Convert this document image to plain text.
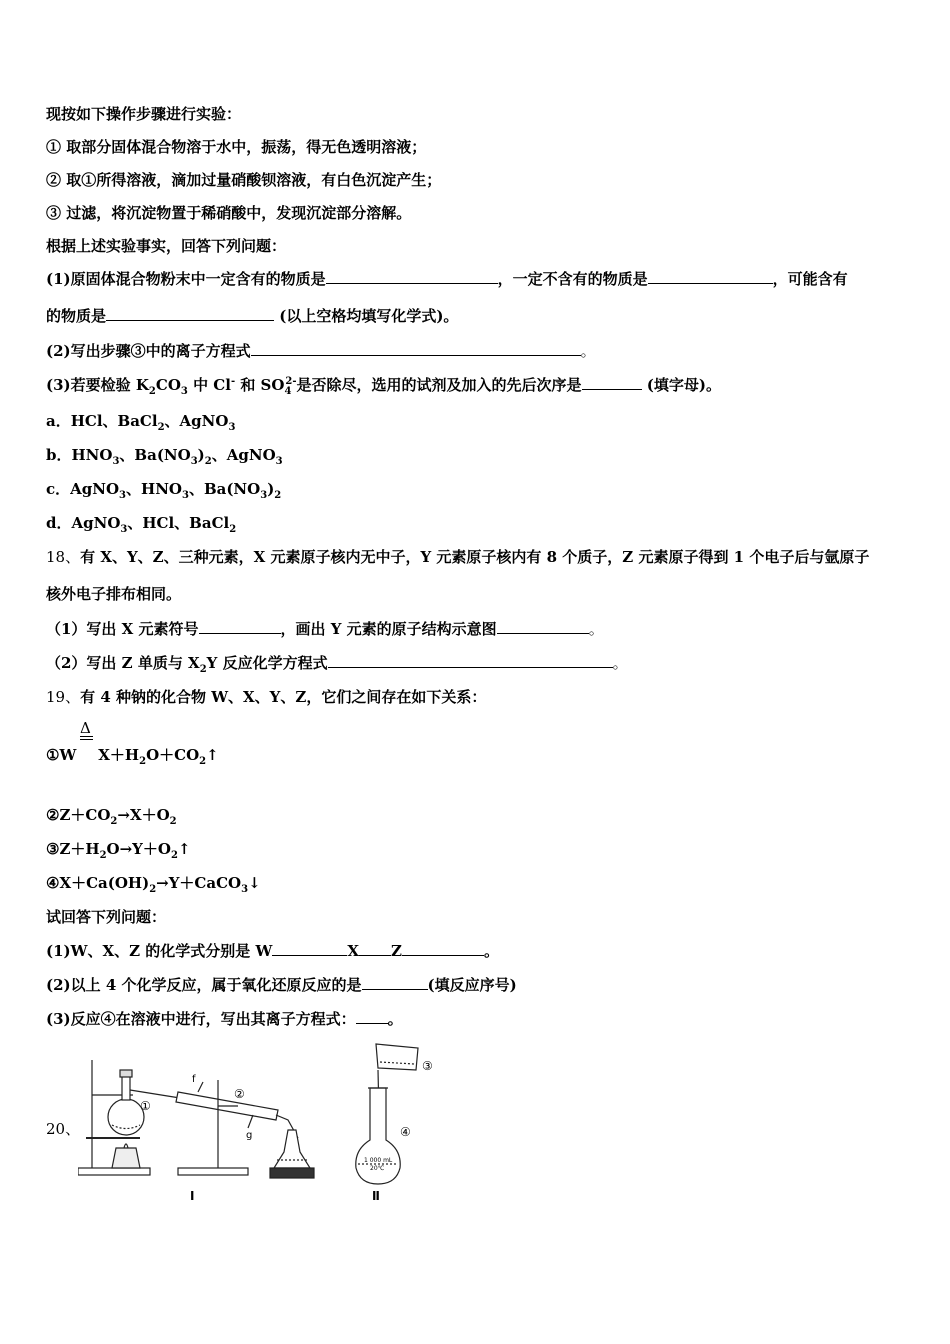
现按如下操作步骤进行实验：
① 取部分固体混合物溶于水中，振荡，得无色透明溶液；
② 取①所得溶液，滴加过量硝酸钡溶液，有白色沉淀产生；
③ 过滤，将沉淀物置于稀硝酸中，发现沉淀部分溶解。
根据上述实验事实，回答下列问题：
(1)原固体混合物粉末中一定含有的物质是	，一定不含有的物质是	，可能含有
的物质是	(以上空格均填写化学式)。
(2)写出步骤③中的离子方程式	。
(3)若要检验 $K_2CO_3$ 中 Cl- 和 $SO_4^{2-}$是否除尽，选用的试剂及加入的先后次序是	(填字母)。
a．HCl、BaCl$_2$、AgNO$_3$
b．$HNO_3$、$Ba(NO_3)_2$、AgNO$_3$
c．AgNO$_3$、$HNO_3$、$Ba(NO_3)_2$
d．AgNO$_3$、HCl、BaCl$_2$
18、有 X、Y、Z、三种元素，X 元素原子核内无中子，Y 元素原子核内有 8 个质子，Z 元素原子得到 1 个电子后与氩原子
核外电子排布相同。
（1）写出 X 元素符号	，画出 Y 元素的原子结构示意图	。
（2）写出 Z 单质与 $X_2Y$ 反应化学方程式	。
19、有 4 种钠的化合物 W、X、Y、Z，它们之间存在如下关系：
Δ
①W $X+H_2O+CO_2↑$
$②Z+CO_2\to X+O_2$
$③Z+H_2O\to Y+O_2↑$
$④X+Ca(OH)_2\to Y+CaCO_3↓$
试回答下列问题：
(1)W、X、Z 的化学式分别是 W	X Z	。
(2)以上 4 个化学反应，属于氧化还原反应的是	(填反应序号)
(3)反应④在溶液中进行，写出其离子方程式： 。
20、
①
②
f
g
Ⅰ
③
④
1 000 mL
20℃
Ⅱ
